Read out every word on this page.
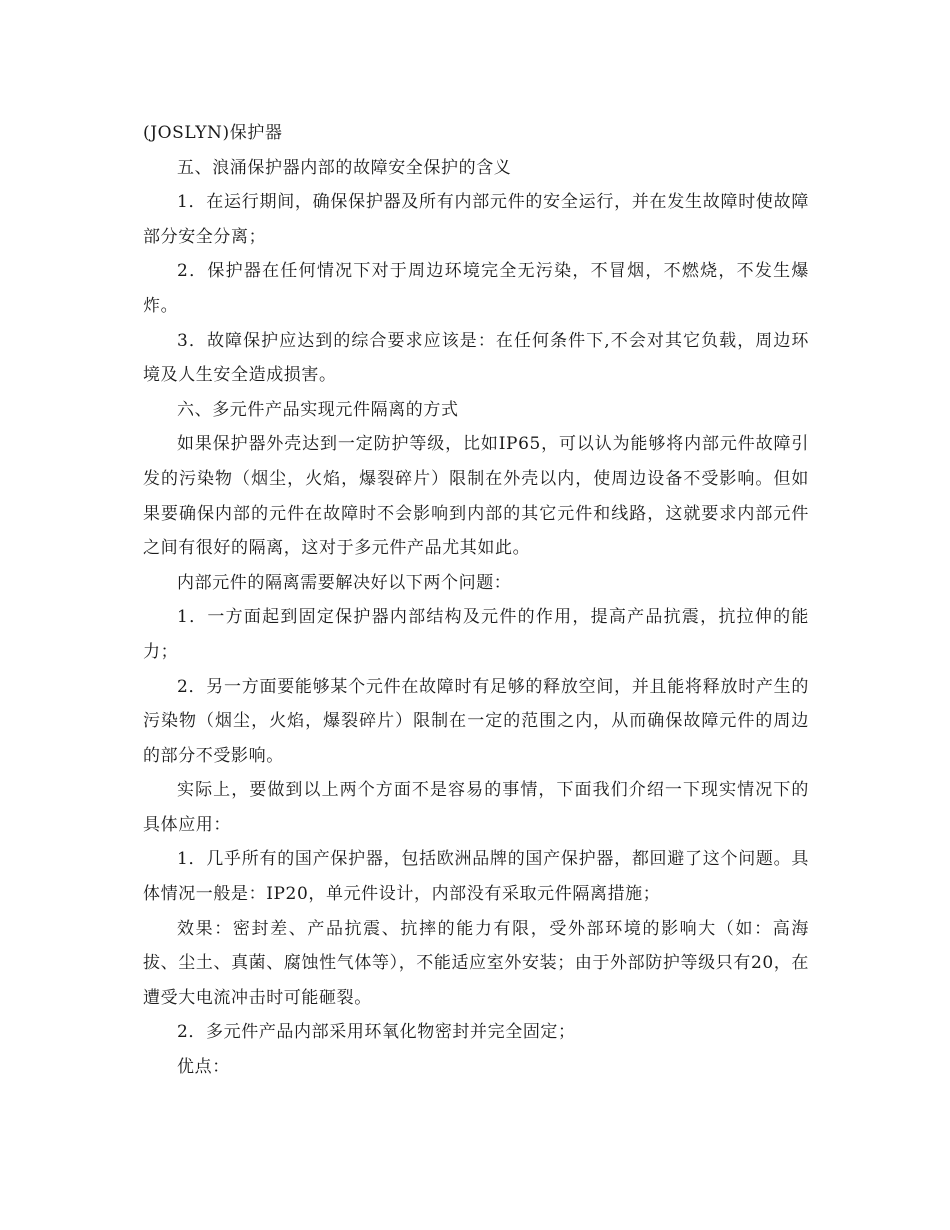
(JOSLYN)保护器

五、浪涌保护器内部的故障安全保护的含义

1．在运行期间，确保保护器及所有内部元件的安全运行，并在发生故障时使故障部分安全分离；

2．保护器在任何情况下对于周边环境完全无污染，不冒烟，不燃烧，不发生爆炸。

3．故障保护应达到的综合要求应该是：在任何条件下,不会对其它负载，周边环境及人生安全造成损害。

六、多元件产品实现元件隔离的方式

如果保护器外壳达到一定防护等级，比如IP65，可以认为能够将内部元件故障引发的污染物（烟尘，火焰，爆裂碎片）限制在外壳以内，使周边设备不受影响。但如果要确保内部的元件在故障时不会影响到内部的其它元件和线路，这就要求内部元件之间有很好的隔离，这对于多元件产品尤其如此。

内部元件的隔离需要解决好以下两个问题：

1．一方面起到固定保护器内部结构及元件的作用，提高产品抗震，抗拉伸的能力；

2．另一方面要能够某个元件在故障时有足够的释放空间，并且能将释放时产生的污染物（烟尘，火焰，爆裂碎片）限制在一定的范围之内，从而确保故障元件的周边的部分不受影响。

实际上，要做到以上两个方面不是容易的事情，下面我们介绍一下现实情况下的具体应用：

1．几乎所有的国产保护器，包括欧洲品牌的国产保护器，都回避了这个问题。具体情况一般是：IP20，单元件设计，内部没有采取元件隔离措施；

效果：密封差、产品抗震、抗摔的能力有限，受外部环境的影响大（如：高海拔、尘土、真菌、腐蚀性气体等），不能适应室外安装；由于外部防护等级只有20，在遭受大电流冲击时可能砸裂。

2．多元件产品内部采用环氧化物密封并完全固定；

优点：
